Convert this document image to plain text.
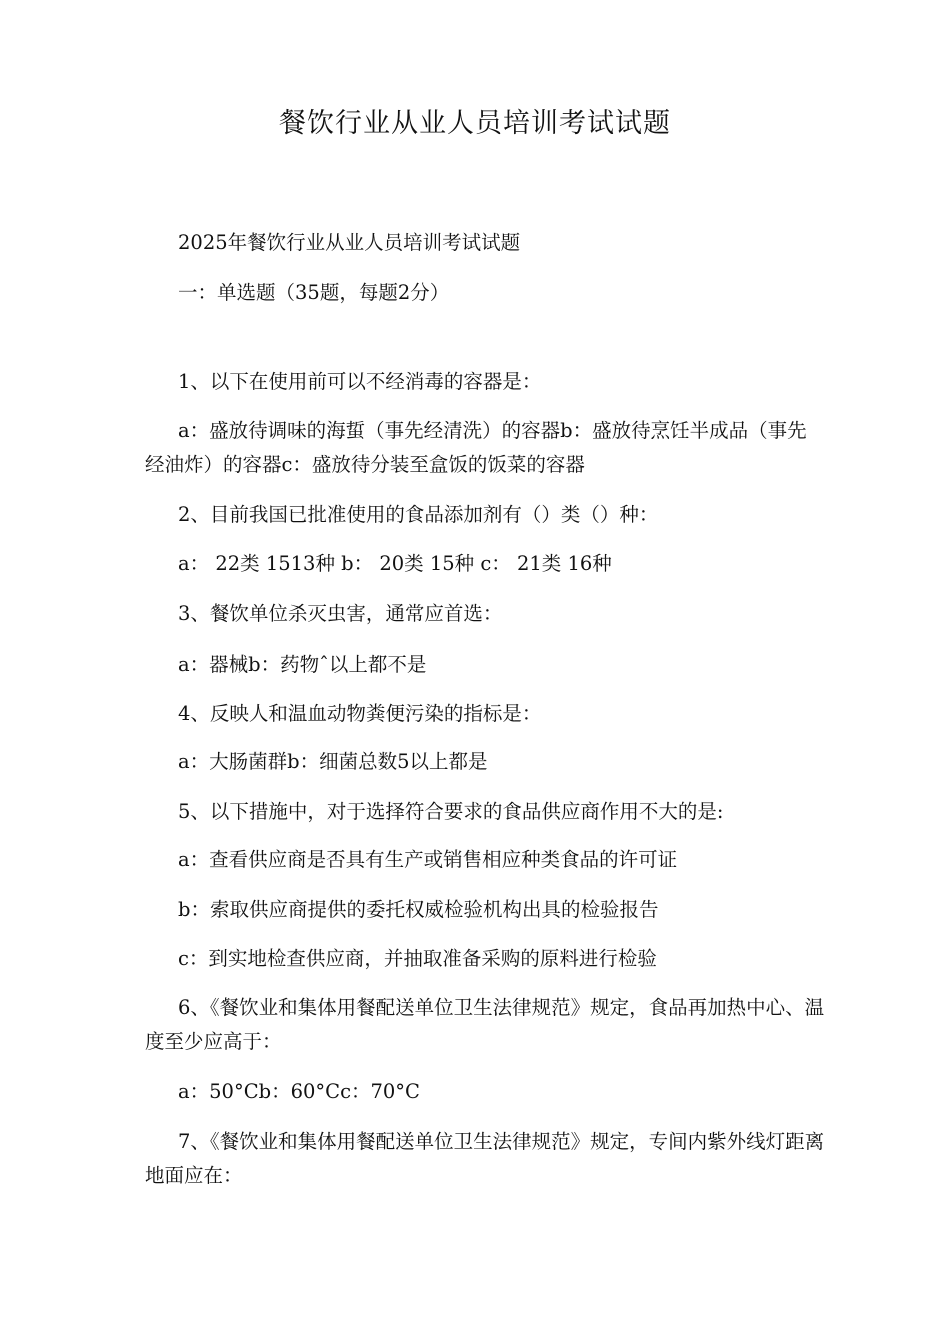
餐饮行业从业人员培训考试试题
2025年餐饮行业从业人员培训考试试题
一：单选题（35题，每题2分）
1、以下在使用前可以不经消毒的容器是：
a：盛放待调味的海蜇（事先经清洗）的容器b：盛放待烹饪半成品（事先经油炸）的容器c：盛放待分装至盒饭的饭菜的容器
2、目前我国已批准使用的食品添加剂有（）类（）种：
a： 22类 1513种 b： 20类 15种 c： 21类 16种
3、餐饮单位杀灭虫害，通常应首选：
a：器械b：药物ˆ以上都不是
4、反映人和温血动物粪便污染的指标是：
a：大肠菌群b：细菌总数5以上都是
5、以下措施中，对于选择符合要求的食品供应商作用不大的是:
a：查看供应商是否具有生产或销售相应种类食品的许可证
b：索取供应商提供的委托权威检验机构出具的检验报告
c：到实地检查供应商，并抽取准备采购的原料进行检验
6、《餐饮业和集体用餐配送单位卫生法律规范》规定，食品再加热中心、温度至少应高于：
a：50°Cb：60°Cc：70°C
7、《餐饮业和集体用餐配送单位卫生法律规范》规定，专间内紫外线灯距离地面应在：
